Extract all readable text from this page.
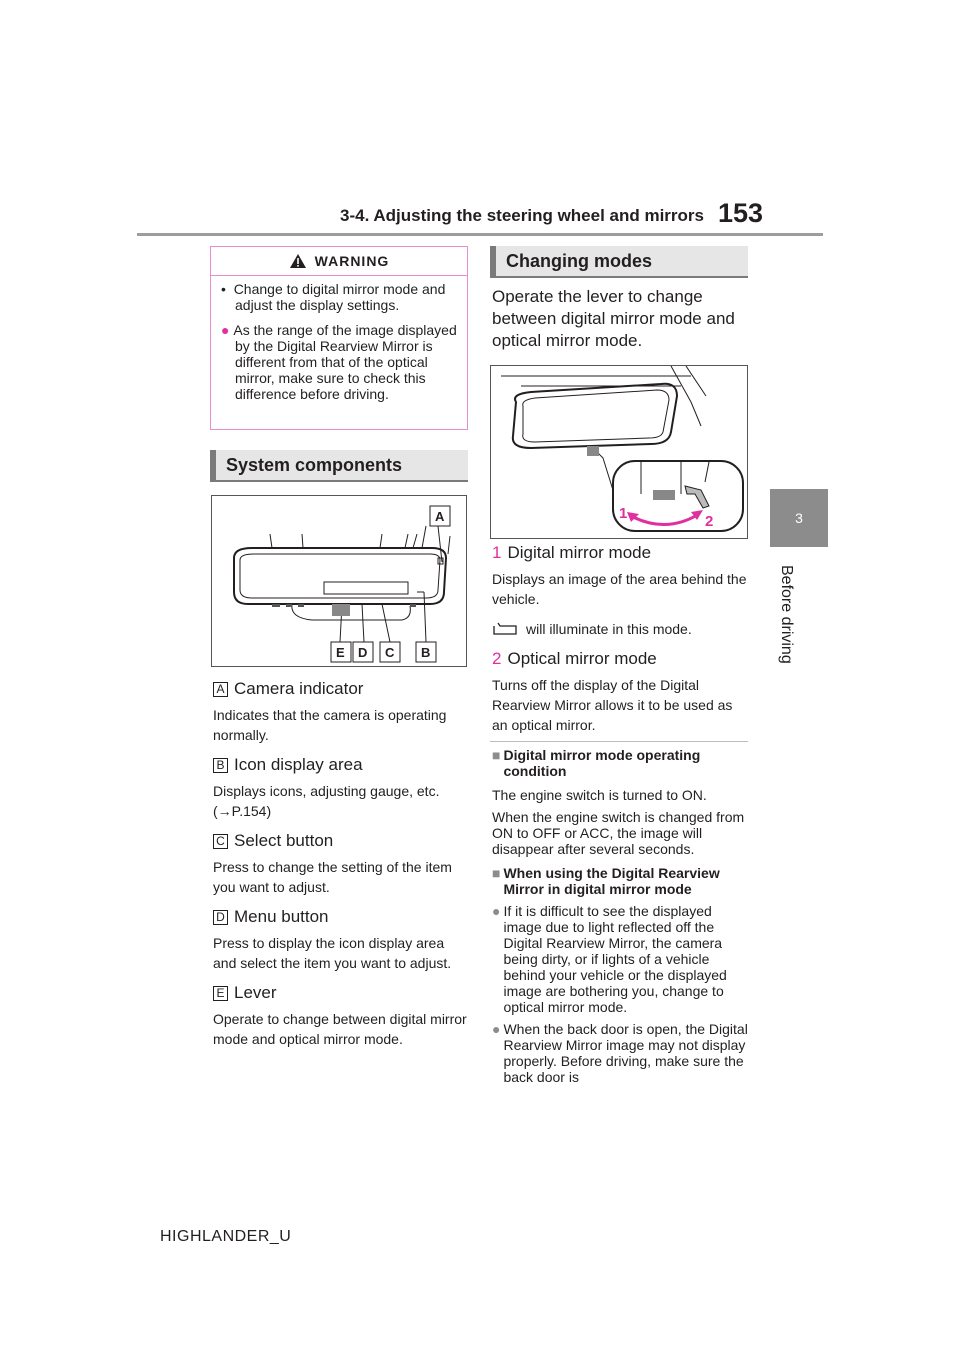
3-4. Adjusting the steering wheel and mirrors 153
3
Before driving
WARNING

• Change to digital mirror mode and adjust the display settings.

● As the range of the image displayed by the Digital Rearview Mirror is different from that of the optical mirror, make sure to check this difference before driving.

System components
A
E D C B
A Camera indicator
Indicates that the camera is operating normally.
B Icon display area
Displays icons, adjusting gauge, etc. (→P.154)
C Select button
Press to change the setting of the item you want to adjust.
D Menu button
Press to display the icon display area and select the item you want to adjust.
E Lever
Operate to change between digital mirror mode and optical mirror mode.
Changing modes
Operate the lever to change between digital mirror mode and optical mirror mode.
1	2
1 Digital mirror mode
Displays an image of the area behind the vehicle.
will illuminate in this mode.
2 Optical mirror mode
Turns off the display of the Digital Rearview Mirror allows it to be used as an optical mirror.
■ Digital mirror mode operating condition
The engine switch is turned to ON.
When the engine switch is changed from ON to OFF or ACC, the image will disappear after several seconds.
■ When using the Digital Rearview Mirror in digital mirror mode
● If it is difficult to see the displayed image due to light reflected off the Digital Rearview Mirror, the camera being dirty, or if lights of a vehicle behind your vehicle or the displayed image are bothering you, change to optical mirror mode.
● When the back door is open, the Digital Rearview Mirror image may not display properly. Before driving, make sure the back door is
HIGHLANDER_U
